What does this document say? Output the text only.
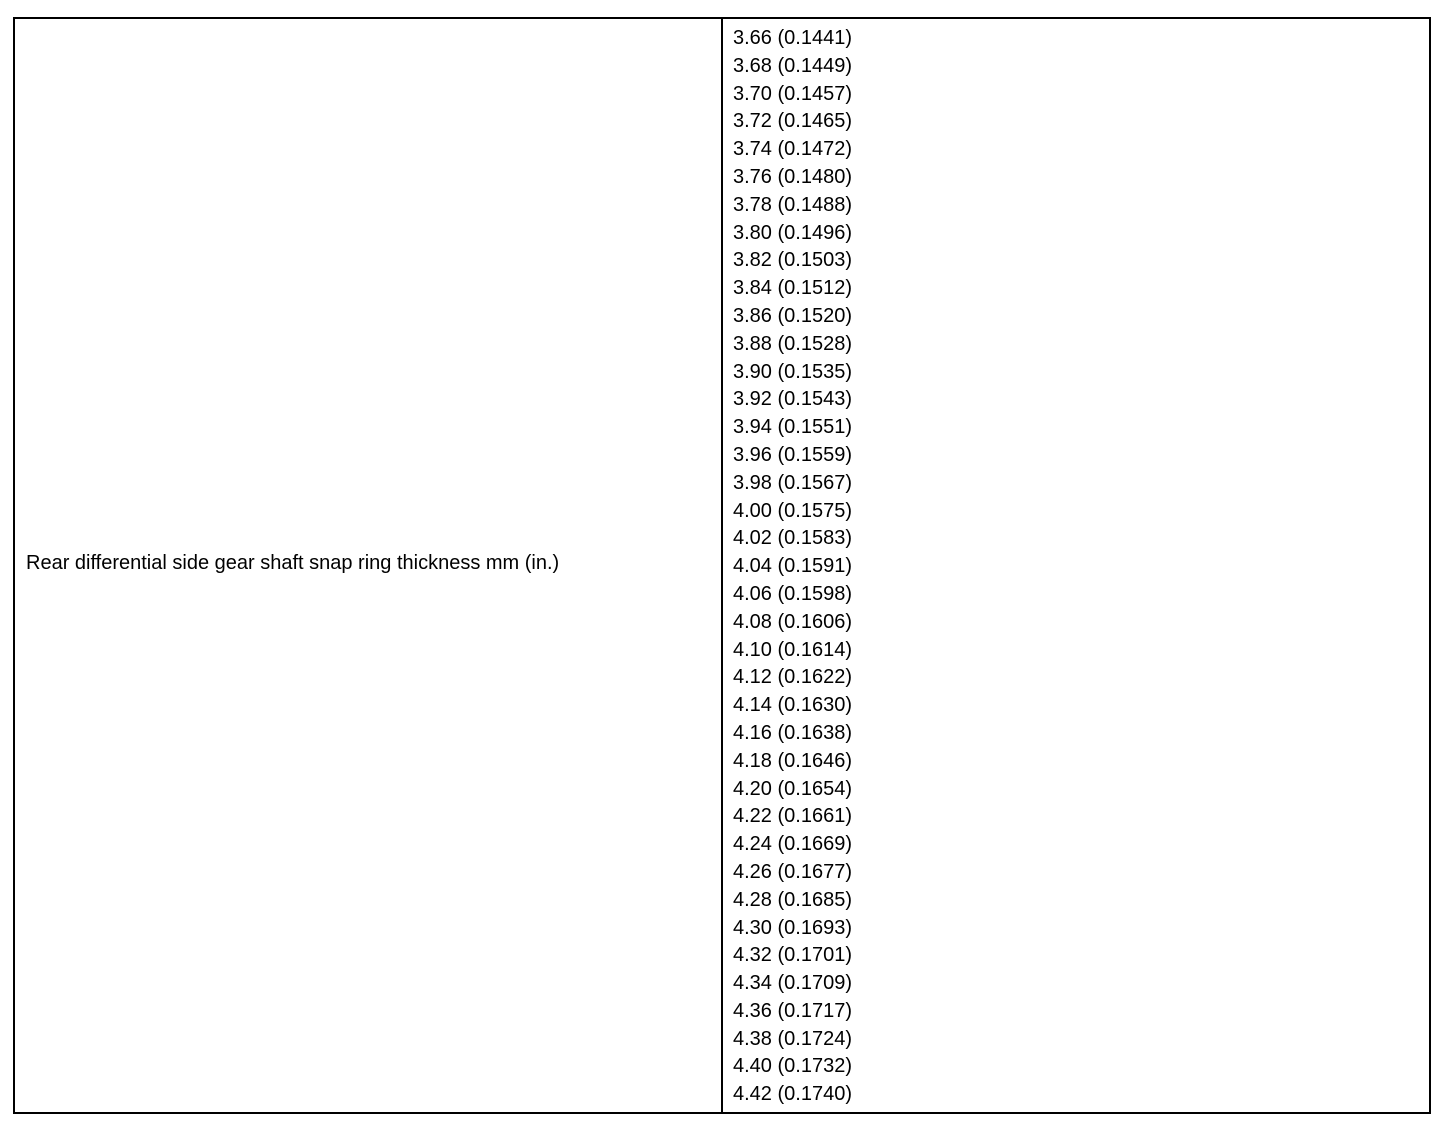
Rear differential side gear shaft snap ring thickness mm (in.)
3.66 (0.1441)
3.68 (0.1449)
3.70 (0.1457)
3.72 (0.1465)
3.74 (0.1472)
3.76 (0.1480)
3.78 (0.1488)
3.80 (0.1496)
3.82 (0.1503)
3.84 (0.1512)
3.86 (0.1520)
3.88 (0.1528)
3.90 (0.1535)
3.92 (0.1543)
3.94 (0.1551)
3.96 (0.1559)
3.98 (0.1567)
4.00 (0.1575)
4.02 (0.1583)
4.04 (0.1591)
4.06 (0.1598)
4.08 (0.1606)
4.10 (0.1614)
4.12 (0.1622)
4.14 (0.1630)
4.16 (0.1638)
4.18 (0.1646)
4.20 (0.1654)
4.22 (0.1661)
4.24 (0.1669)
4.26 (0.1677)
4.28 (0.1685)
4.30 (0.1693)
4.32 (0.1701)
4.34 (0.1709)
4.36 (0.1717)
4.38 (0.1724)
4.40 (0.1732)
4.42 (0.1740)
